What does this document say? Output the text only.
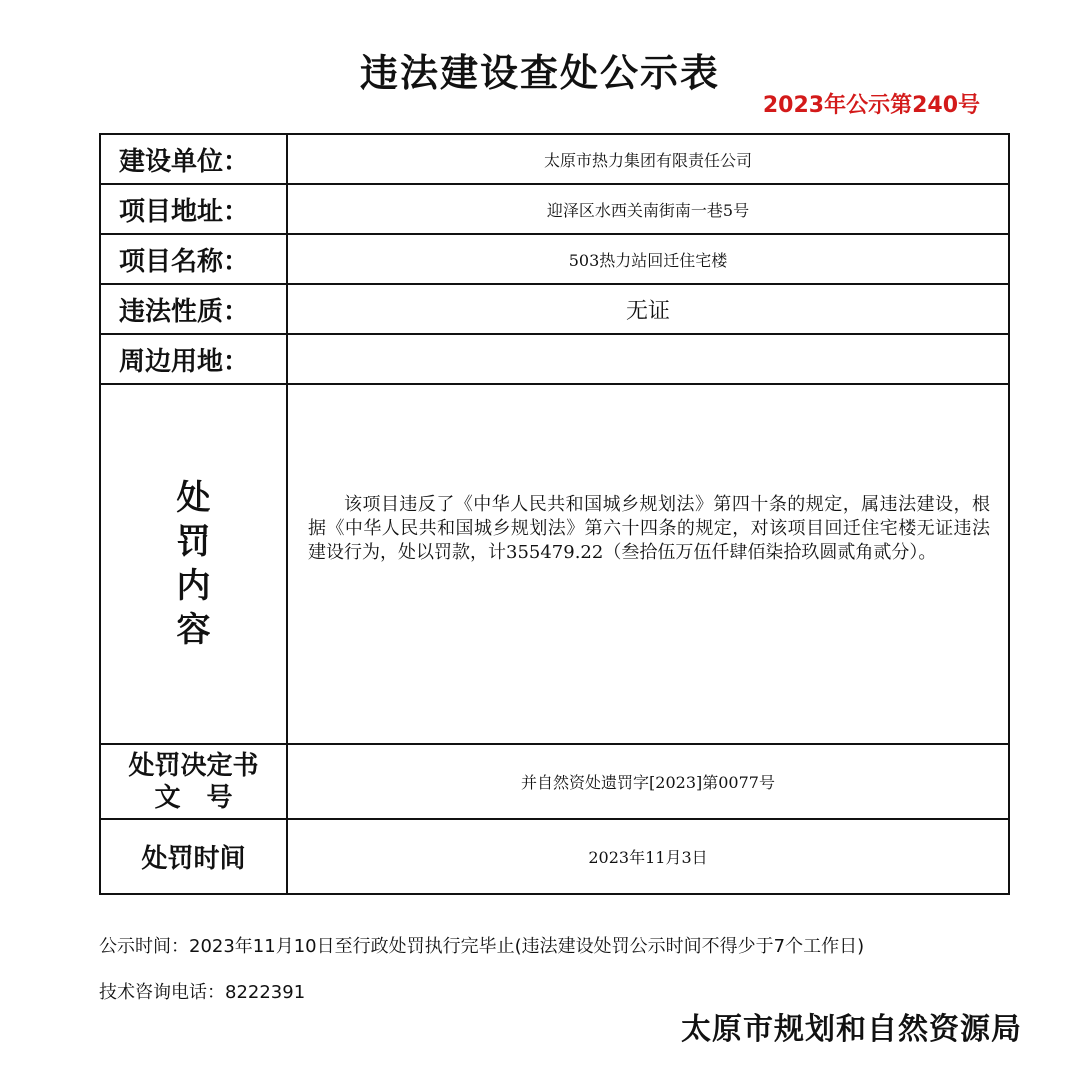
违法建设查处公示表
2023年公示第240号
建设单位：	太原市热力集团有限责任公司
项目地址：	迎泽区水西关南街南一巷5号
项目名称：	503热力站回迁住宅楼
违法性质：	无证
周边用地：	

处
罚
内
容	该项目违反了《中华人民共和国城乡规划法》第四十条的规定，属违法建设，根据《中华人民共和国城乡规划法》第六十四条的规定，对该项目回迁住宅楼无证违法建设行为，处以罚款，计355479.22（叁拾伍万伍仟肆佰柒拾玖圆贰角贰分）。

处罚决定书
文　号	并自然资处遗罚字[2023]第0077号
处罚时间	2023年11月3日
公示时间：2023年11月10日至行政处罚执行完毕止(违法建设处罚公示时间不得少于7个工作日)
技术咨询电话：8222391
太原市规划和自然资源局
